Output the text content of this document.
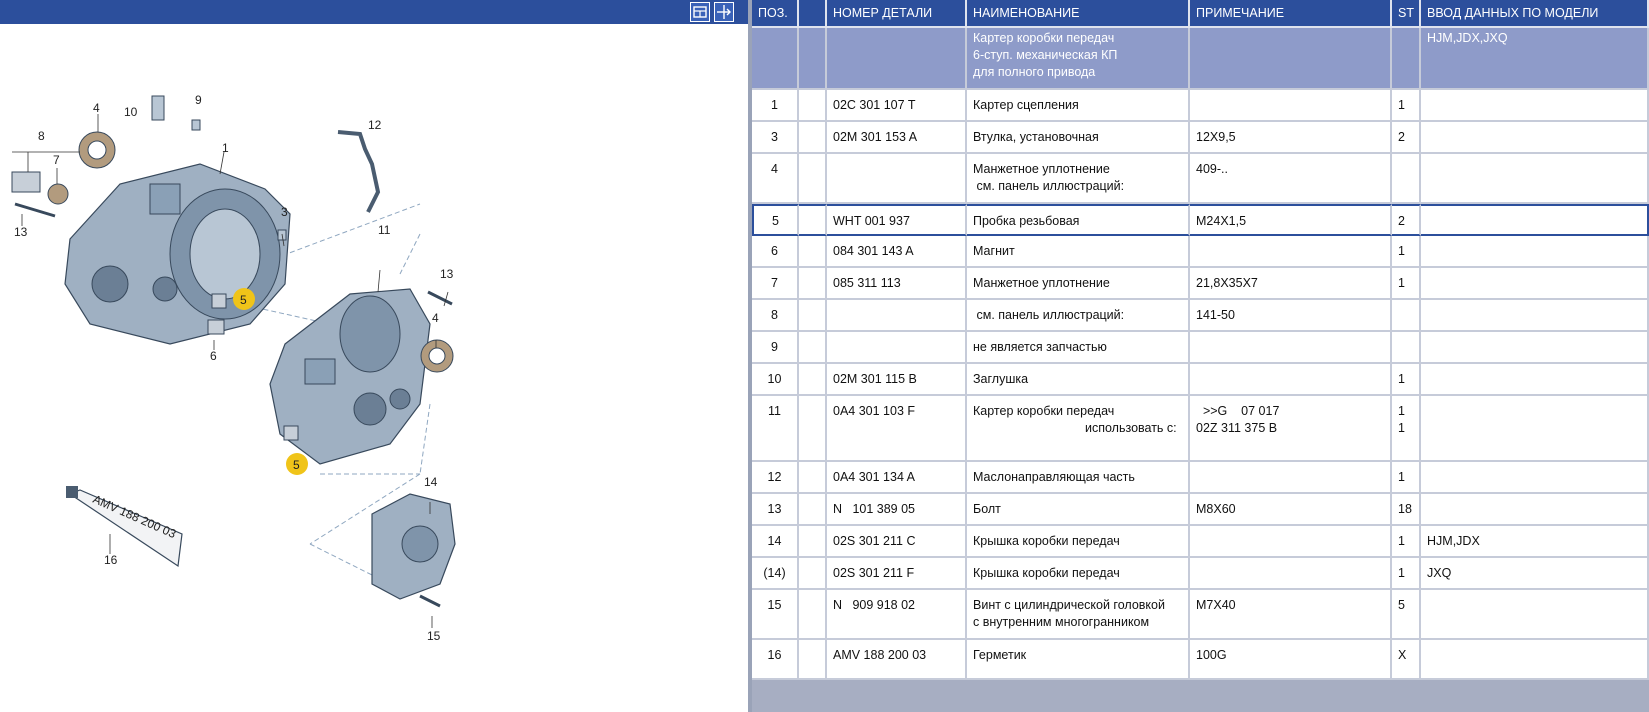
AMV 188 200 03
1
3
4
4
5
5
6
7
8
9
10
11
12
13
13
14
15
16
ПОЗ.		НОМЕР ДЕТАЛИ	НАИМЕНОВАНИЕ	ПРИМЕЧАНИЕ	ST	ВВОД ДАННЫХ ПО МОДЕЛИ

			Картер коробки передач
6-ступ. механическая КП
для полного привода			HJM,JDX,JXQ
1		02C 301 107 T	Картер сцепления		1	

3		02M 301 153 A	Втулка, установочная	12X9,5	2	

4			Манжетное уплотнение
см. панель иллюстраций:	409-..		

5		WHT 001 937	Пробка резьбовая	M24X1,5	2	

6		084 301 143 A	Магнит		1	

7		085 311 113	Манжетное уплотнение	21,8X35X7	1	

8			см. панель иллюстраций:	141-50		

9			не является запчастью			

10		02M 301 115 B	Заглушка		1	

11		0A4 301 103 F	Картер коробки передач
использовать с:	>>G    07 017
02Z 311 375 B	1
1	

12		0A4 301 134 A	Маслонаправляющая часть		1	

13		N   101 389 05	Болт	M8X60	18	

14		02S 301 211 C	Крышка коробки передач		1	HJM,JDX
(14)		02S 301 211 F	Крышка коробки передач		1	JXQ
15		N   909 918 02	Винт с цилиндрической головкой
с внутренним многогранником	M7X40	5	

16		AMV 188 200 03	Герметик	100G	X	
